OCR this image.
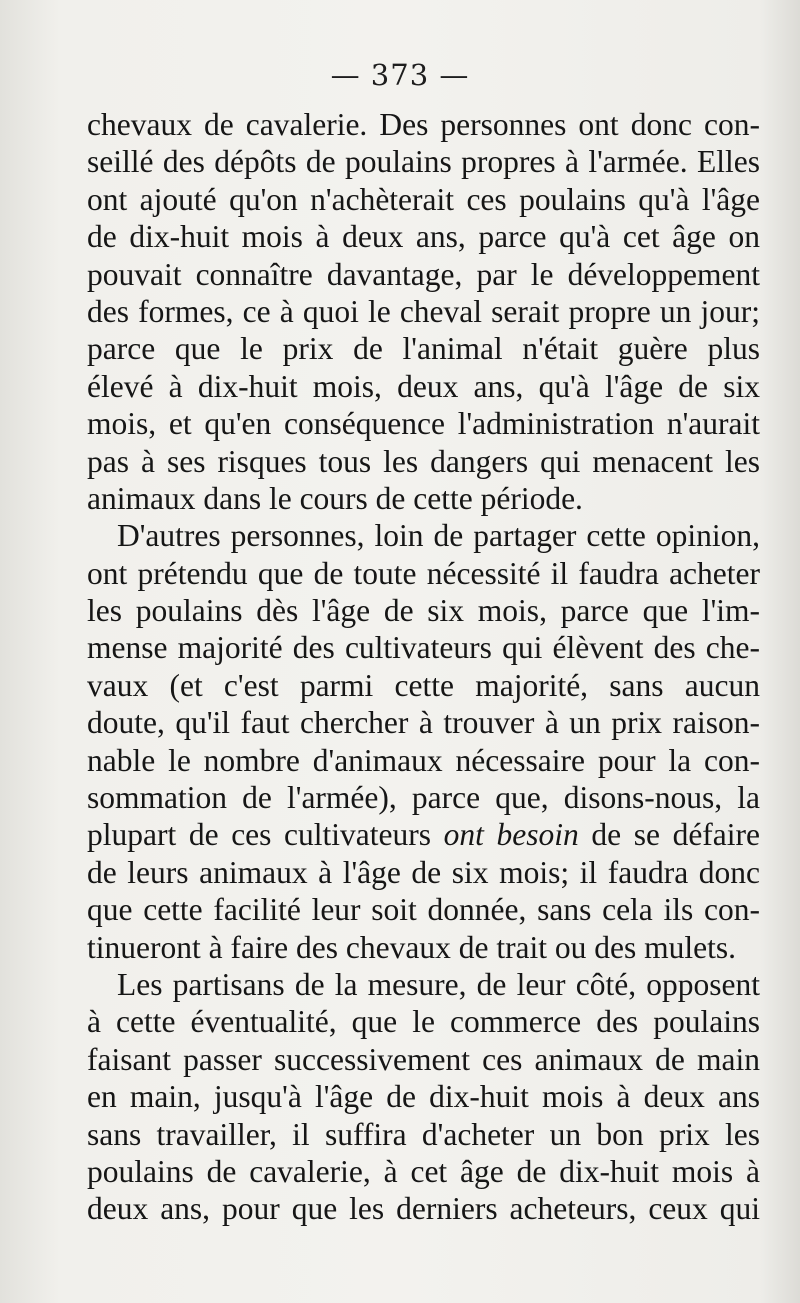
— 373 —
chevaux de cavalerie. Des personnes ont donc con-
seillé des dépôts de poulains propres à l'armée. Elles
ont ajouté qu'on n'achèterait ces poulains qu'à l'âge
de dix-huit mois à deux ans, parce qu'à cet âge on
pouvait connaître davantage, par le développement
des formes, ce à quoi le cheval serait propre un jour;
parce que le prix de l'animal n'était guère plus
élevé à dix-huit mois, deux ans, qu'à l'âge de six
mois, et qu'en conséquence l'administration n'aurait
pas à ses risques tous les dangers qui menacent les
animaux dans le cours de cette période.
D'autres personnes, loin de partager cette opinion,
ont prétendu que de toute nécessité il faudra acheter
les poulains dès l'âge de six mois, parce que l'im-
mense majorité des cultivateurs qui élèvent des che-
vaux (et c'est parmi cette majorité, sans aucun
doute, qu'il faut chercher à trouver à un prix raison-
nable le nombre d'animaux nécessaire pour la con-
sommation de l'armée), parce que, disons-nous, la
plupart de ces cultivateurs ont besoin de se défaire
de leurs animaux à l'âge de six mois; il faudra donc
que cette facilité leur soit donnée, sans cela ils con-
tinueront à faire des chevaux de trait ou des mulets.
Les partisans de la mesure, de leur côté, opposent
à cette éventualité, que le commerce des poulains
faisant passer successivement ces animaux de main
en main, jusqu'à l'âge de dix-huit mois à deux ans
sans travailler, il suffira d'acheter un bon prix les
poulains de cavalerie, à cet âge de dix-huit mois à
deux ans, pour que les derniers acheteurs, ceux qui
